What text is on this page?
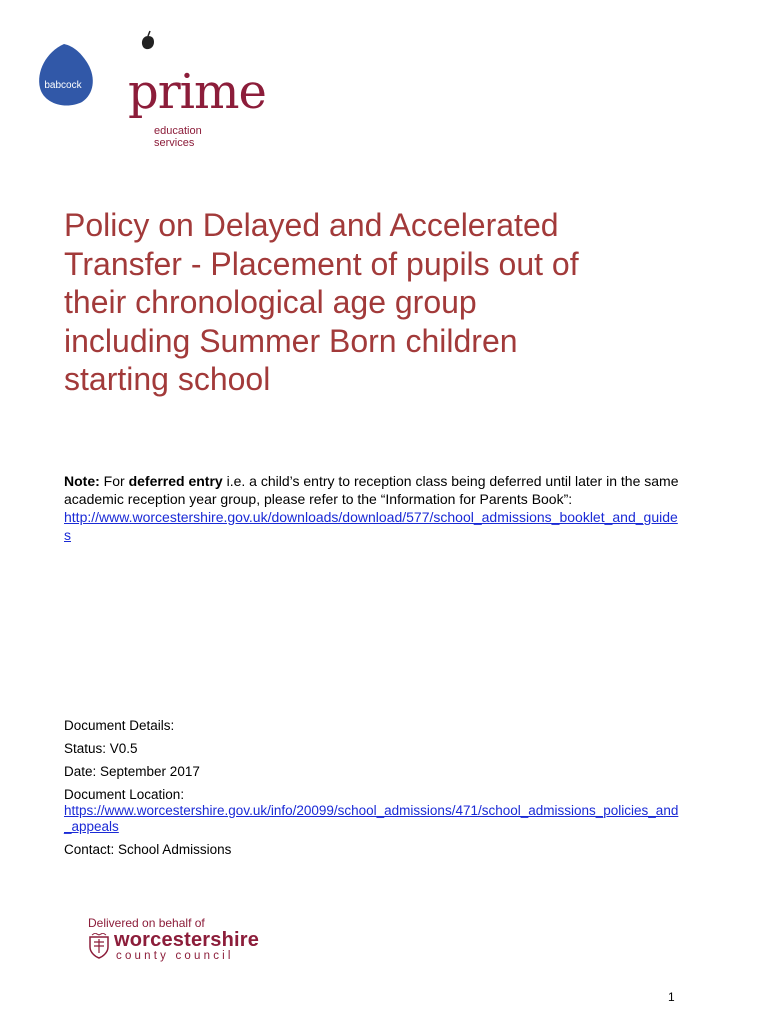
babcock prime
education services
Policy on Delayed and Accelerated
Transfer - Placement of pupils out of
their chronological age group
including Summer Born children
starting school
Note: For deferred entry i.e. a child’s entry to reception class being deferred until later in the same academic reception year group, please refer to the “Information for Parents Book”:
http://www.worcestershire.gov.uk/downloads/download/577/school_admissions_booklet_and_guides
Document Details:
Status: V0.5
Date: September 2017
Document Location:
https://www.worcestershire.gov.uk/info/20099/school_admissions/471/school_admissions_policies_and_appeals
Contact: School Admissions
Delivered on behalf of
worcestershire
county council
1
